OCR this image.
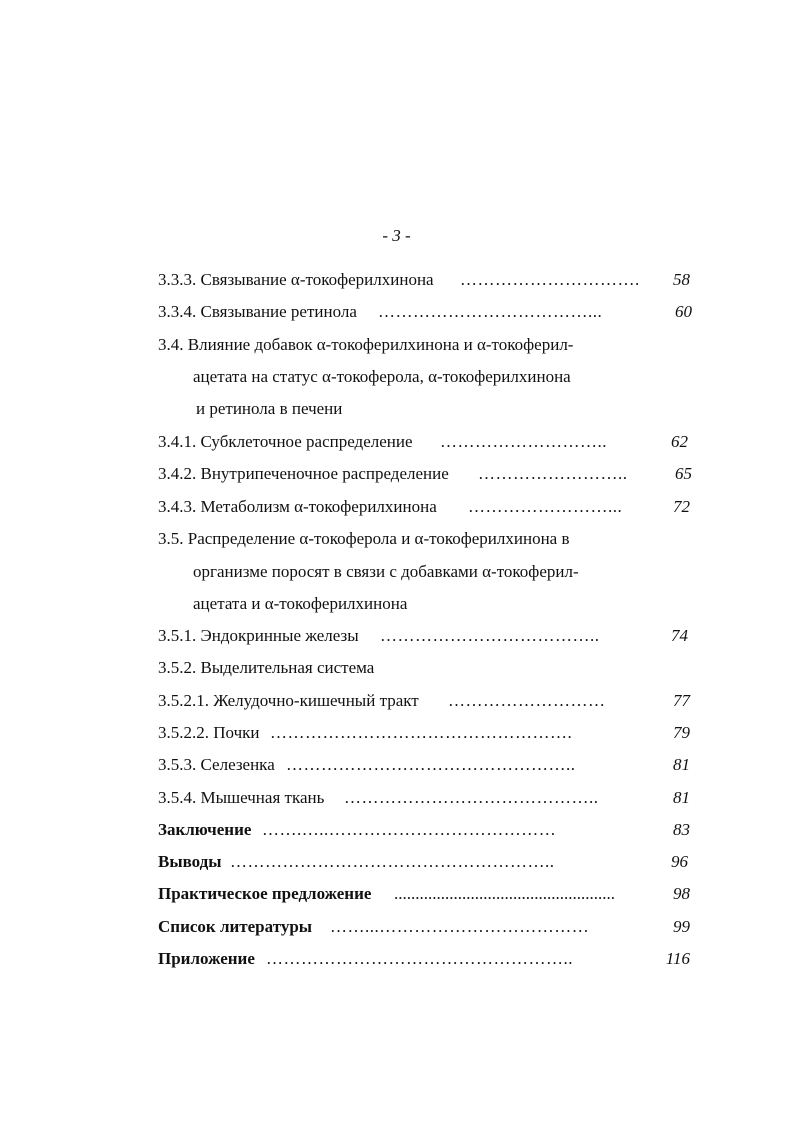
- 3 -
3.3.3. Связывание α-токоферилхинона ………………………….	58
3.3.4. Связывание ретинола ………………………………...	60
3.4. Влияние добавок α-токоферилхинона и α-токоферил-
ацетата на статус α-токоферола, α-токоферилхинона
и ретинола в печени
3.4.1. Субклеточное распределение ………………………..	62
3.4.2. Внутрипеченочное распределение ……………………..	65
3.4.3. Метаболизм α-токоферилхинона ……………………...	72
3.5. Распределение α-токоферола и α-токоферилхинона в
организме поросят в связи с добавками α-токоферил-
ацетата и α-токоферилхинона
3.5.1. Эндокринные железы ………………………………..	74
3.5.2. Выделительная система
3.5.2.1. Желудочно-кишечный тракт ………………………	77
3.5.2.2. Почки …………………………………………….	79
3.5.3. Селезенка …………………………………………..	81
3.5.4. Мышечная ткань ……………………………………..	81
Заключение …….…..…………………………………	83
Выводы ………………………………………………..	96
Практическое предложение ....................................................	98
Список литературы ……...………………………………	99
Приложение ……………………………………………..	116
